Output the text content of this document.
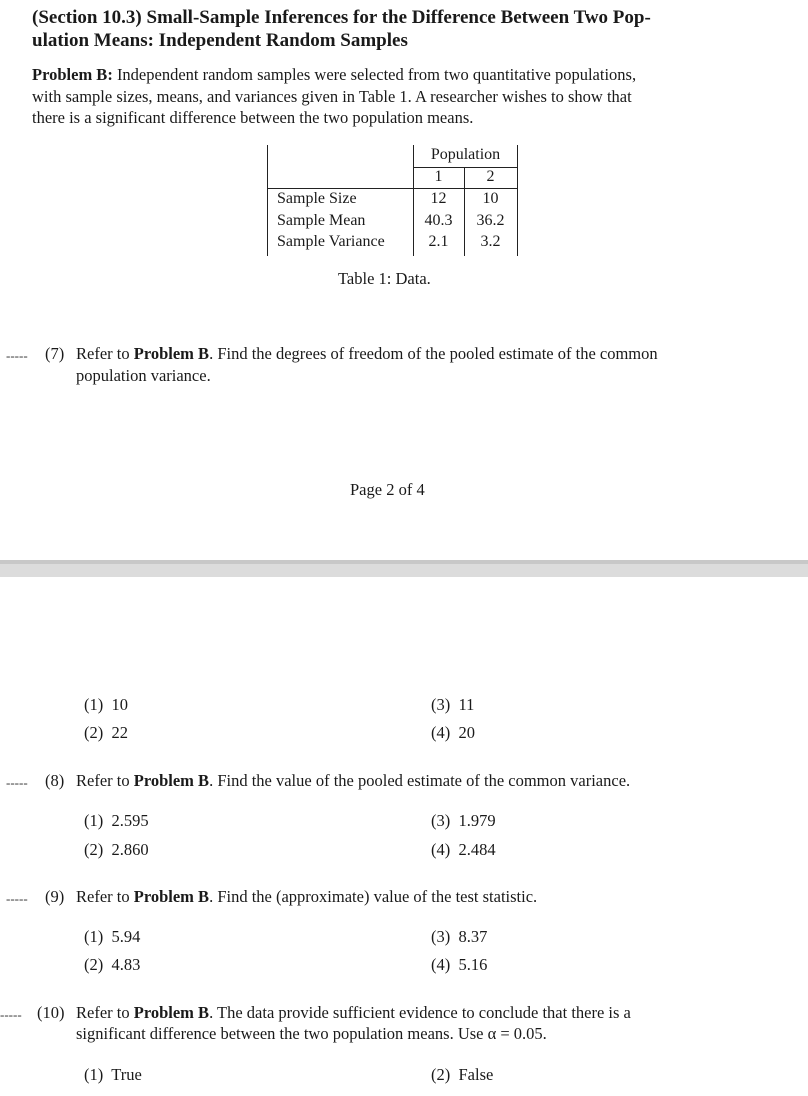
(Section 10.3) Small-Sample Inferences for the Difference Between Two Pop-
ulation Means: Independent Random Samples
Problem B: Independent random samples were selected from two quantitative populations,
with sample sizes, means, and variances given in Table 1. A researcher wishes to show that
there is a significant difference between the two population means.
Population
1	2
Sample Size	12	10
Sample Mean	40.3	36.2
Sample Variance	2.1	3.2
Table 1: Data.
----- (7) Refer to Problem B. Find the degrees of freedom of the pooled estimate of the common
population variance.
Page 2 of 4
(1) 10
(2) 22
(3) 11
(4) 20
----- (8) Refer to Problem B. Find the value of the pooled estimate of the common variance.
(1) 2.595
(2) 2.860
(3) 1.979
(4) 2.484
----- (9) Refer to Problem B. Find the (approximate) value of the test statistic.
(1) 5.94
(2) 4.83
(3) 8.37
(4) 5.16
----- (10) Refer to Problem B. The data provide sufficient evidence to conclude that there is a
significant difference between the two population means. Use α = 0.05.
(1) True	(2) False
